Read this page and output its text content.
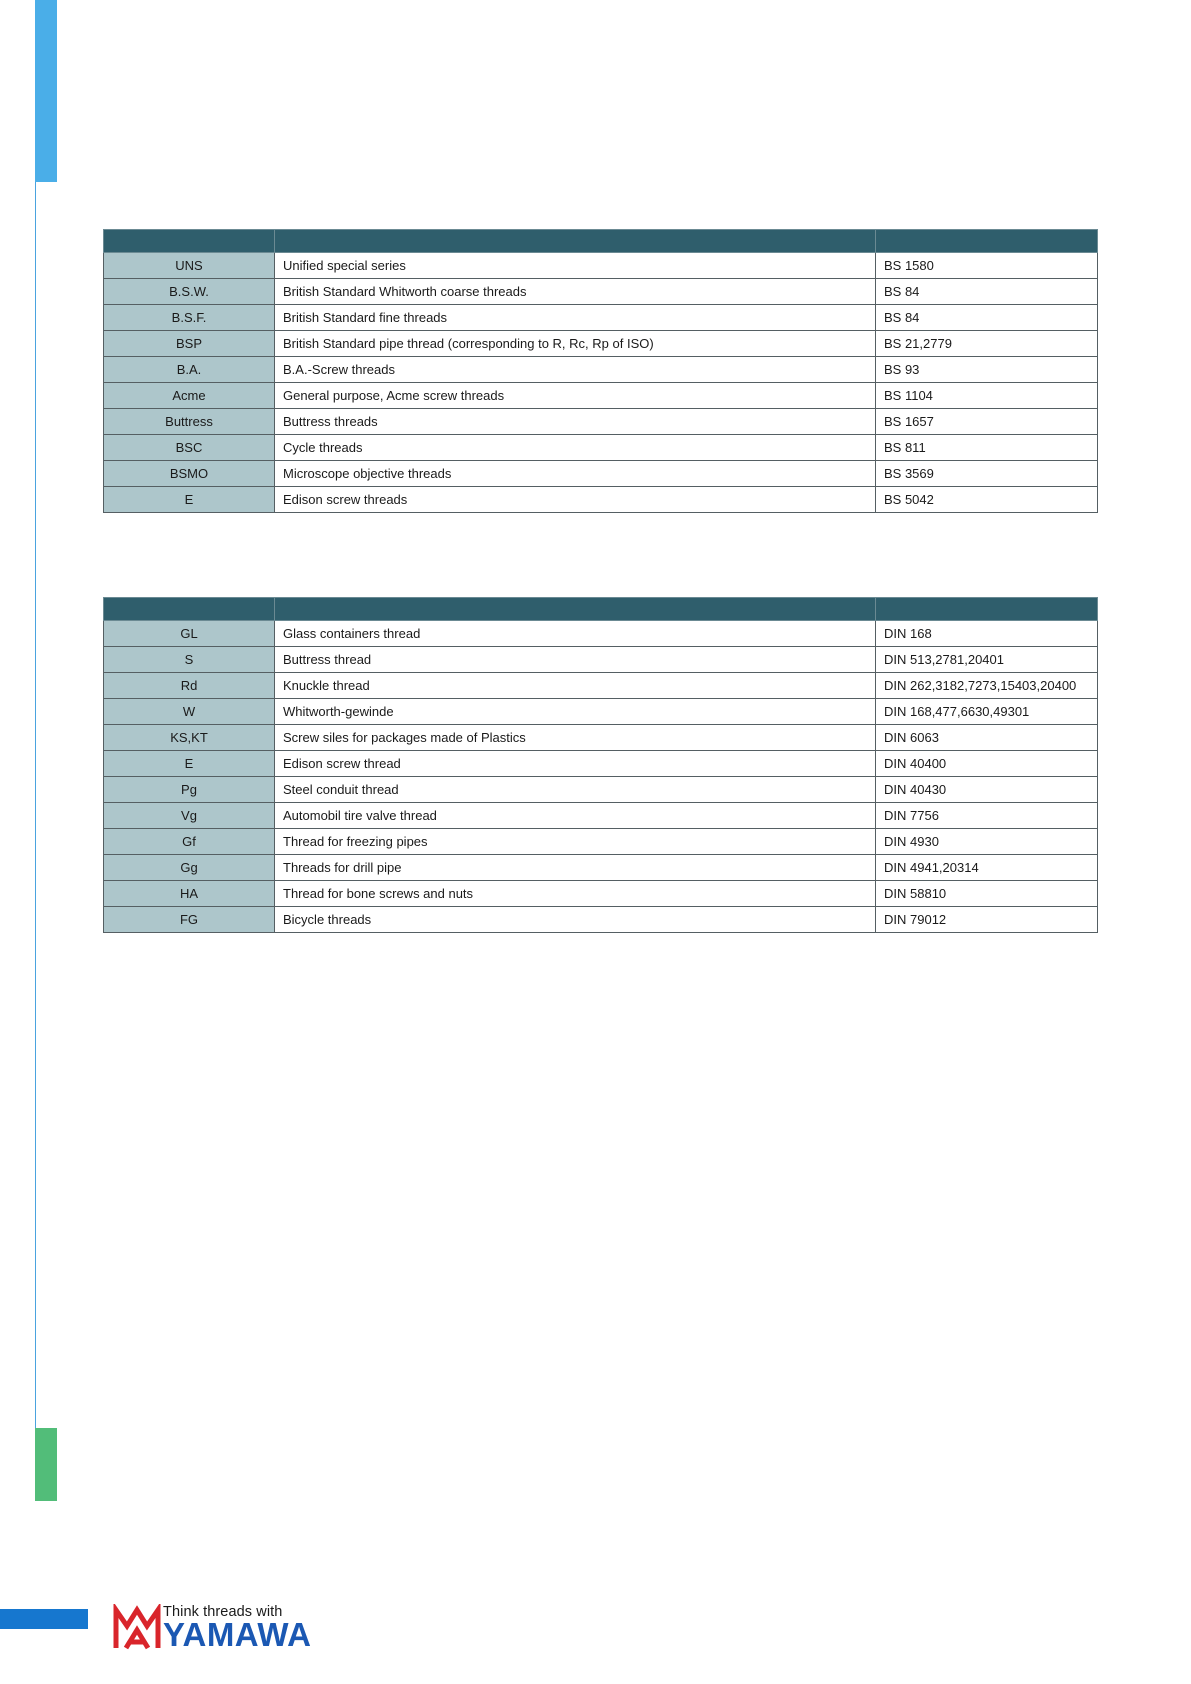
UNS	Unified special series	BS 1580
B.S.W.	British Standard Whitworth coarse threads	BS 84
B.S.F.	British Standard fine threads	BS 84
BSP	British Standard pipe thread (corresponding to R, Rc, Rp of ISO)	BS 21,2779
B.A.	B.A.-Screw threads	BS 93
Acme	General purpose, Acme screw threads	BS 1104
Buttress	Buttress threads	BS 1657
BSC	Cycle threads	BS 811
BSMO	Microscope objective threads	BS 3569
E	Edison screw threads	BS 5042

GL	Glass containers thread	DIN 168
S	Buttress thread	DIN 513,2781,20401
Rd	Knuckle thread	DIN 262,3182,7273,15403,20400
W	Whitworth-gewinde	DIN 168,477,6630,49301
KS,KT	Screw siles for packages made of Plastics	DIN 6063
E	Edison screw thread	DIN 40400
Pg	Steel conduit thread	DIN 40430
Vg	Automobil tire valve thread	DIN 7756
Gf	Thread for freezing pipes	DIN 4930
Gg	Threads for drill pipe	DIN 4941,20314
HA	Thread for bone screws and nuts	DIN 58810
FG	Bicycle threads	DIN 79012
Think threads with
YAMAWA
